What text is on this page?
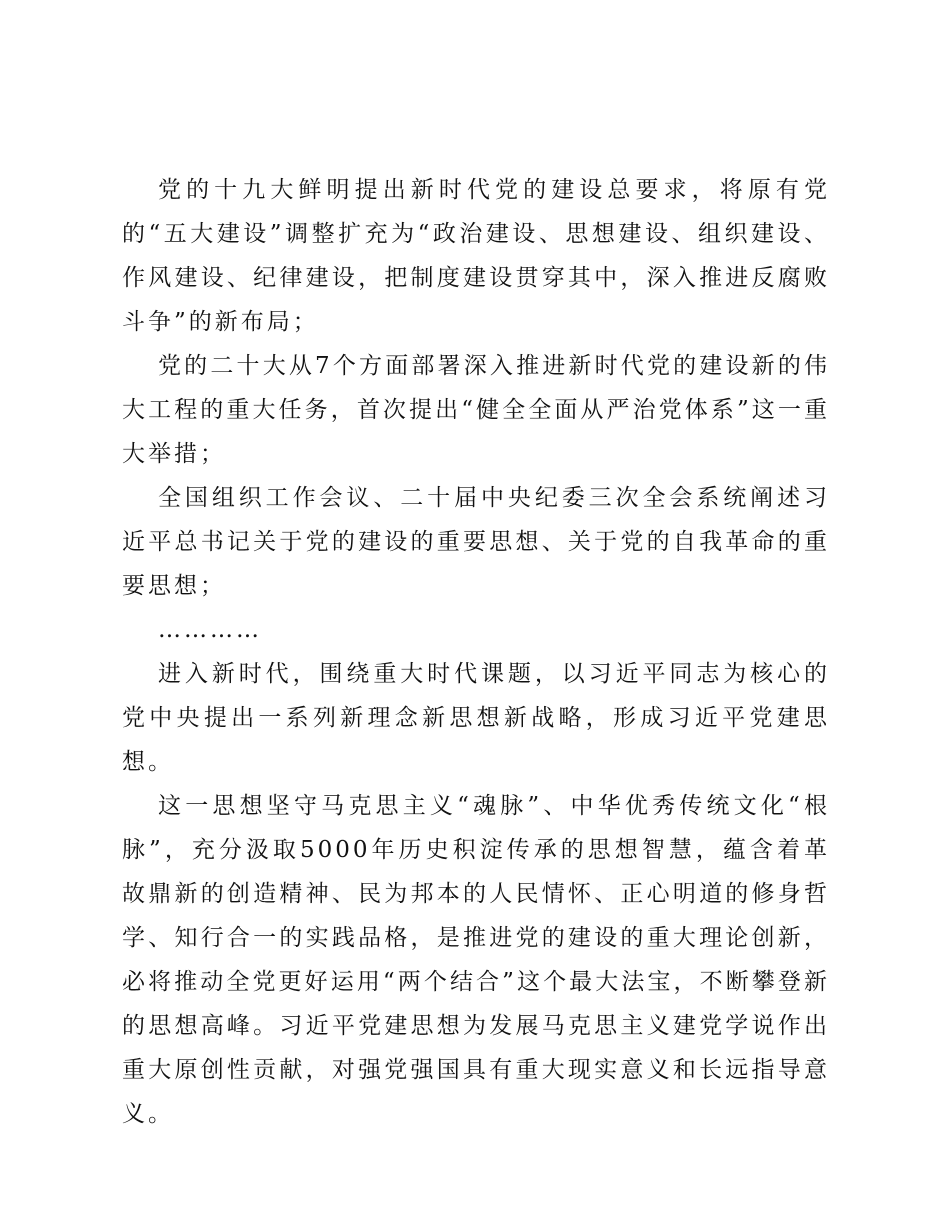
党的十九大鲜明提出新时代党的建设总要求，将原有党的“五大建设”调整扩充为“政治建设、思想建设、组织建设、作风建设、纪律建设，把制度建设贯穿其中，深入推进反腐败斗争”的新布局；

党的二十大从7个方面部署深入推进新时代党的建设新的伟大工程的重大任务，首次提出“健全全面从严治党体系”这一重大举措；

全国组织工作会议、二十届中央纪委三次全会系统阐述习近平总书记关于党的建设的重要思想、关于党的自我革命的重要思想；

…………

进入新时代，围绕重大时代课题，以习近平同志为核心的党中央提出一系列新理念新思想新战略，形成习近平党建思想。

这一思想坚守马克思主义“魂脉”、中华优秀传统文化“根脉”，充分汲取5000年历史积淀传承的思想智慧，蕴含着革故鼎新的创造精神、民为邦本的人民情怀、正心明道的修身哲学、知行合一的实践品格，是推进党的建设的重大理论创新，必将推动全党更好运用“两个结合”这个最大法宝，不断攀登新的思想高峰。习近平党建思想为发展马克思主义建党学说作出重大原创性贡献，对强党强国具有重大现实意义和长远指导意义。
